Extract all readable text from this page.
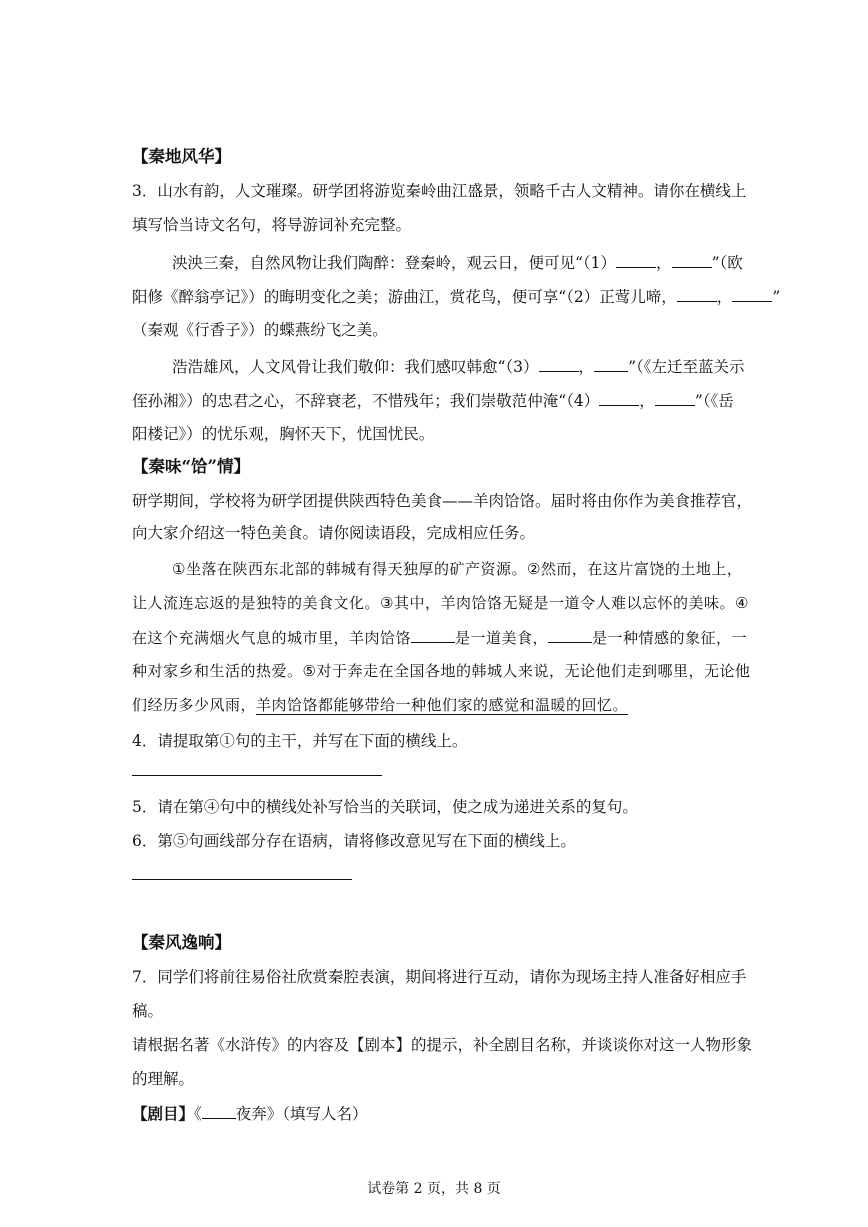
【秦地风华】
3．山水有韵，人文璀璨。研学团将游览秦岭曲江盛景，领略千古人文精神。请你在横线上
填写恰当诗文名句，将导游词补充完整。
泱泱三秦，自然风物让我们陶醉：登秦岭，观云日，便可见“（1）	，	”（欧
阳修《醉翁亭记》）的晦明变化之美；游曲江，赏花鸟，便可享“（2）正莺儿啼，	，	”
（秦观《行香子》）的蝶燕纷飞之美。
浩浩雄风，人文风骨让我们敬仰：我们感叹韩愈“（3）	， ”（《左迁至蓝关示
侄孙湘》）的忠君之心，不辞衰老，不惜残年；我们崇敬范仲淹“（4）	，	”（《岳
阳楼记》）的忧乐观，胸怀天下，忧国忧民。
【秦味“饸”情】
研学期间，学校将为研学团提供陕西特色美食——羊肉饸饹。届时将由你作为美食推荐官，
向大家介绍这一特色美食。请你阅读语段，完成相应任务。
①坐落在陕西东北部的韩城有得天独厚的矿产资源。②然而，在这片富饶的土地上，
让人流连忘返的是独特的美食文化。③其中，羊肉饸饹无疑是一道令人难以忘怀的美味。④
在这个充满烟火气息的城市里，羊肉饸饹	是一道美食，	是一种情感的象征，一
种对家乡和生活的热爱。⑤对于奔走在全国各地的韩城人来说，无论他们走到哪里，无论他
们经历多少风雨，羊肉饸饹都能够带给一种他们家的感觉和温暖的回忆。
4．请提取第①句的主干，并写在下面的横线上。
5．请在第④句中的横线处补写恰当的关联词，使之成为递进关系的复句。
6．第⑤句画线部分存在语病，请将修改意见写在下面的横线上。
【秦风逸响】
7．同学们将前往易俗社欣赏秦腔表演，期间将进行互动，请你为现场主持人准备好相应手
稿。
请根据名著《水浒传》的内容及【剧本】的提示，补全剧目名称，并谈谈你对这一人物形象
的理解。
【剧目】《 夜奔》（填写人名）
试卷第 2 页，共 8 页
